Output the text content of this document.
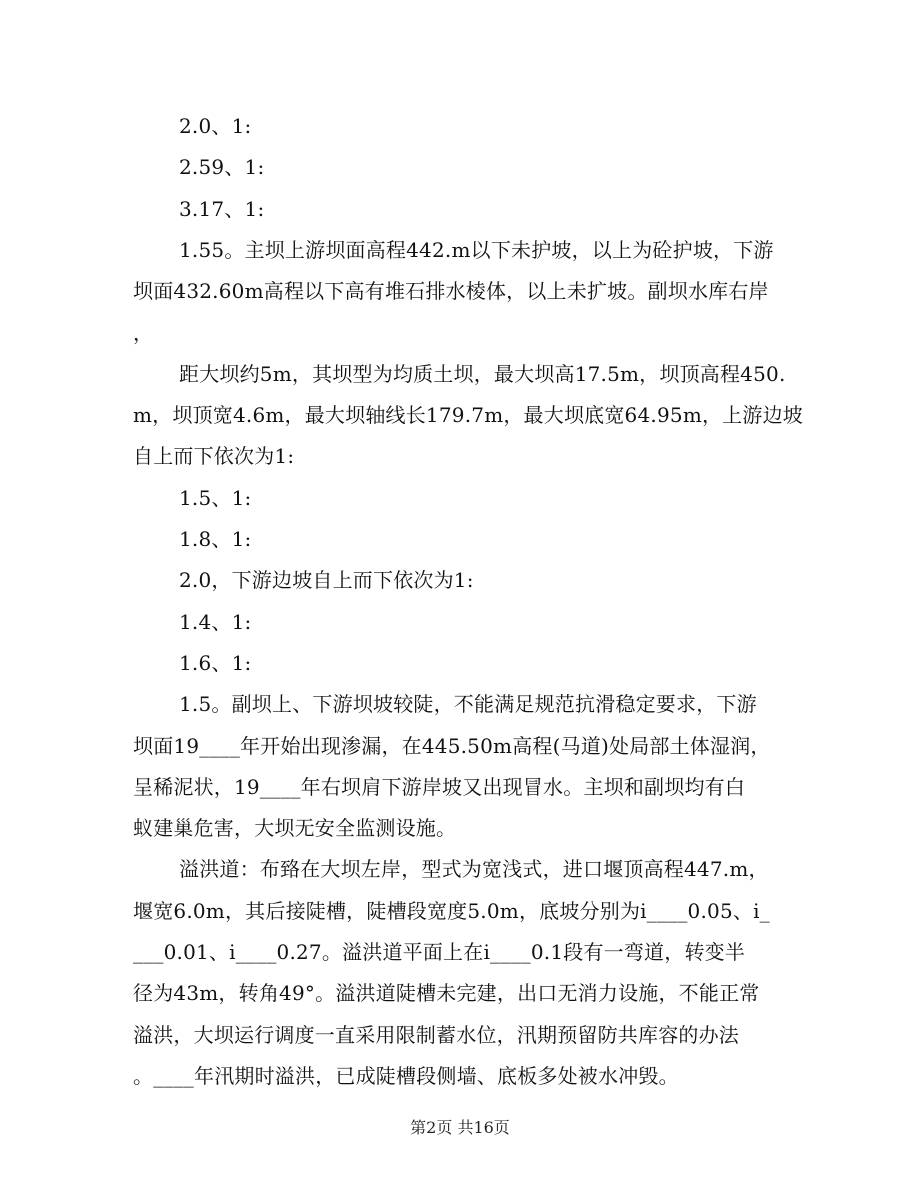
2.0、1:
2.59、1:
3.17、1:
1.55。主坝上游坝面高程442.m以下未护坡，以上为砼护坡，下游
坝面432.60m高程以下高有堆石排水棱体，以上未扩坡。副坝水库右岸
，
距大坝约5m，其坝型为均质土坝，最大坝高17.5m，坝顶高程450.
m，坝顶宽4.6m，最大坝轴线长179.7m，最大坝底宽64.95m，上游边坡
自上而下依次为1:
1.5、1:
1.8、1:
2.0，下游边坡自上而下依次为1:
1.4、1:
1.6、1:
1.5。副坝上、下游坝坡较陡，不能满足规范抗滑稳定要求，下游
坝面19____年开始出现渗漏，在445.50m高程(马道)处局部土体湿润，
呈稀泥状，19____年右坝肩下游岸坡又出现冒水。主坝和副坝均有白
蚁建巢危害，大坝无安全监测设施。
溢洪道：布臵在大坝左岸，型式为宽浅式，进口堰顶高程447.m，
堰宽6.0m，其后接陡槽，陡槽段宽度5.0m，底坡分别为i____0.05、i_
___0.01、i____0.27。溢洪道平面上在i____0.1段有一弯道，转变半
径为43m，转角49°。溢洪道陡槽未完建，出口无消力设施，不能正常
溢洪，大坝运行调度一直采用限制蓄水位，汛期预留防共库容的办法
。____年汛期时溢洪，已成陡槽段侧墙、底板多处被水冲毁。
第2页 共16页
